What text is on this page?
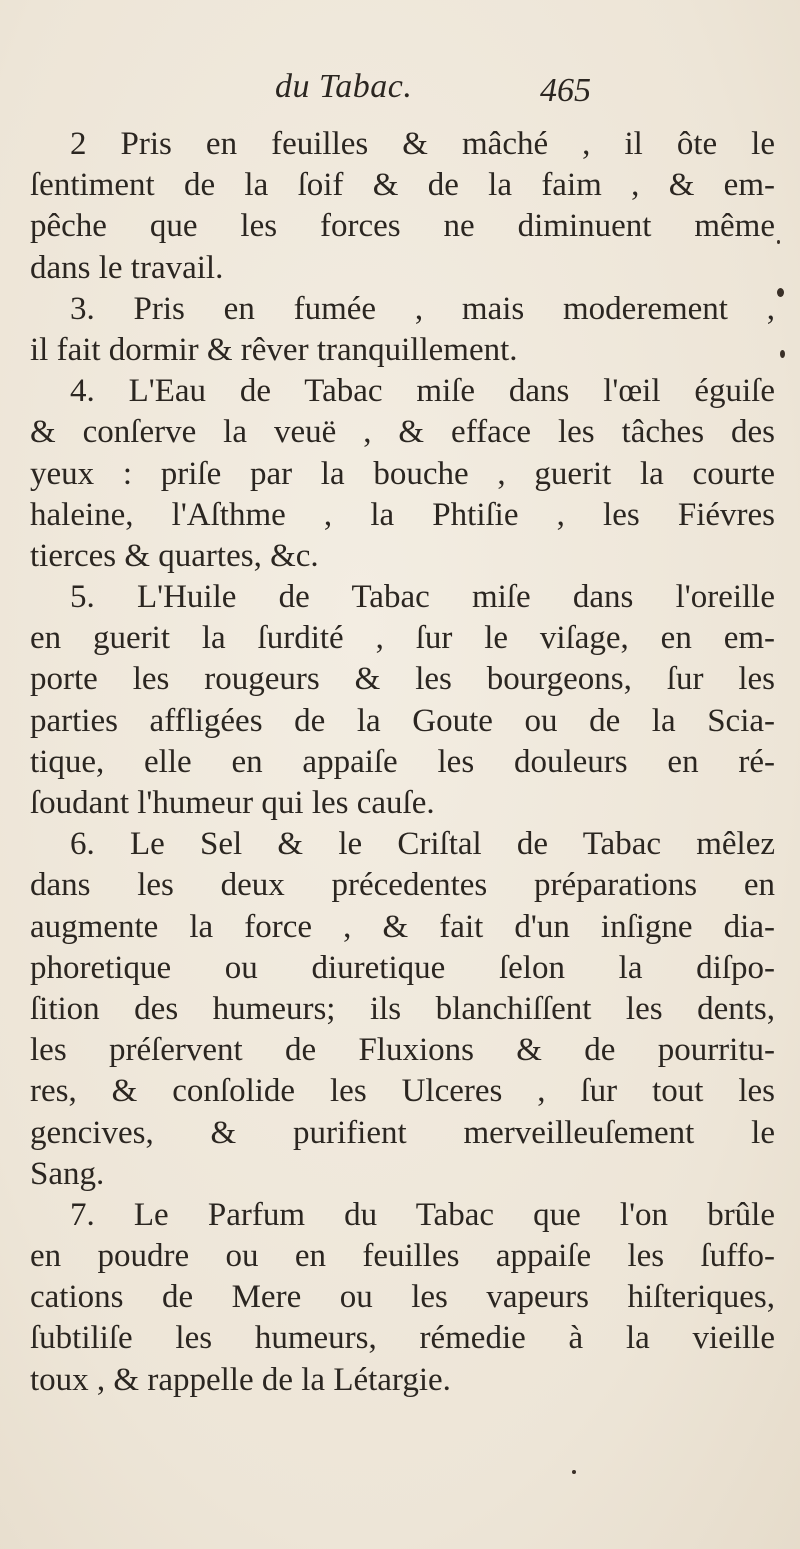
du Tabac.	465
2 Pris en feuilles & mâché , il ôte le
ſentiment de la ſoif & de la faim , & em-
pêche que les forces ne diminuent même
dans le travail.
3. Pris en fumée , mais moderement ,
il fait dormir & rêver tranquillement.
4. L'Eau de Tabac miſe dans l'œil éguiſe
& conſerve la veuë , & efface les tâches des
yeux : priſe par la bouche , guerit la courte
haleine, l'Aſthme , la Phtiſie , les Fiévres
tierces & quartes, &c.
5. L'Huile de Tabac miſe dans l'oreille
en guerit la ſurdité , ſur le viſage, en em-
porte les rougeurs & les bourgeons, ſur les
parties affligées de la Goute ou de la Scia-
tique, elle en appaiſe les douleurs en ré-
ſoudant l'humeur qui les cauſe.
6. Le Sel & le Criſtal de Tabac mêlez
dans les deux précedentes préparations en
augmente la force , & fait d'un inſigne dia-
phoretique ou diuretique ſelon la diſpo-
ſition des humeurs; ils blanchiſſent les dents,
les préſervent de Fluxions & de pourritu-
res, & conſolide les Ulceres , ſur tout les
gencives, & purifient merveilleuſement le
Sang.
7. Le Parfum du Tabac que l'on brûle
en poudre ou en feuilles appaiſe les ſuffo-
cations de Mere ou les vapeurs hiſteriques,
ſubtiliſe les humeurs, rémedie à la vieille
toux , & rappelle de la Létargie.
